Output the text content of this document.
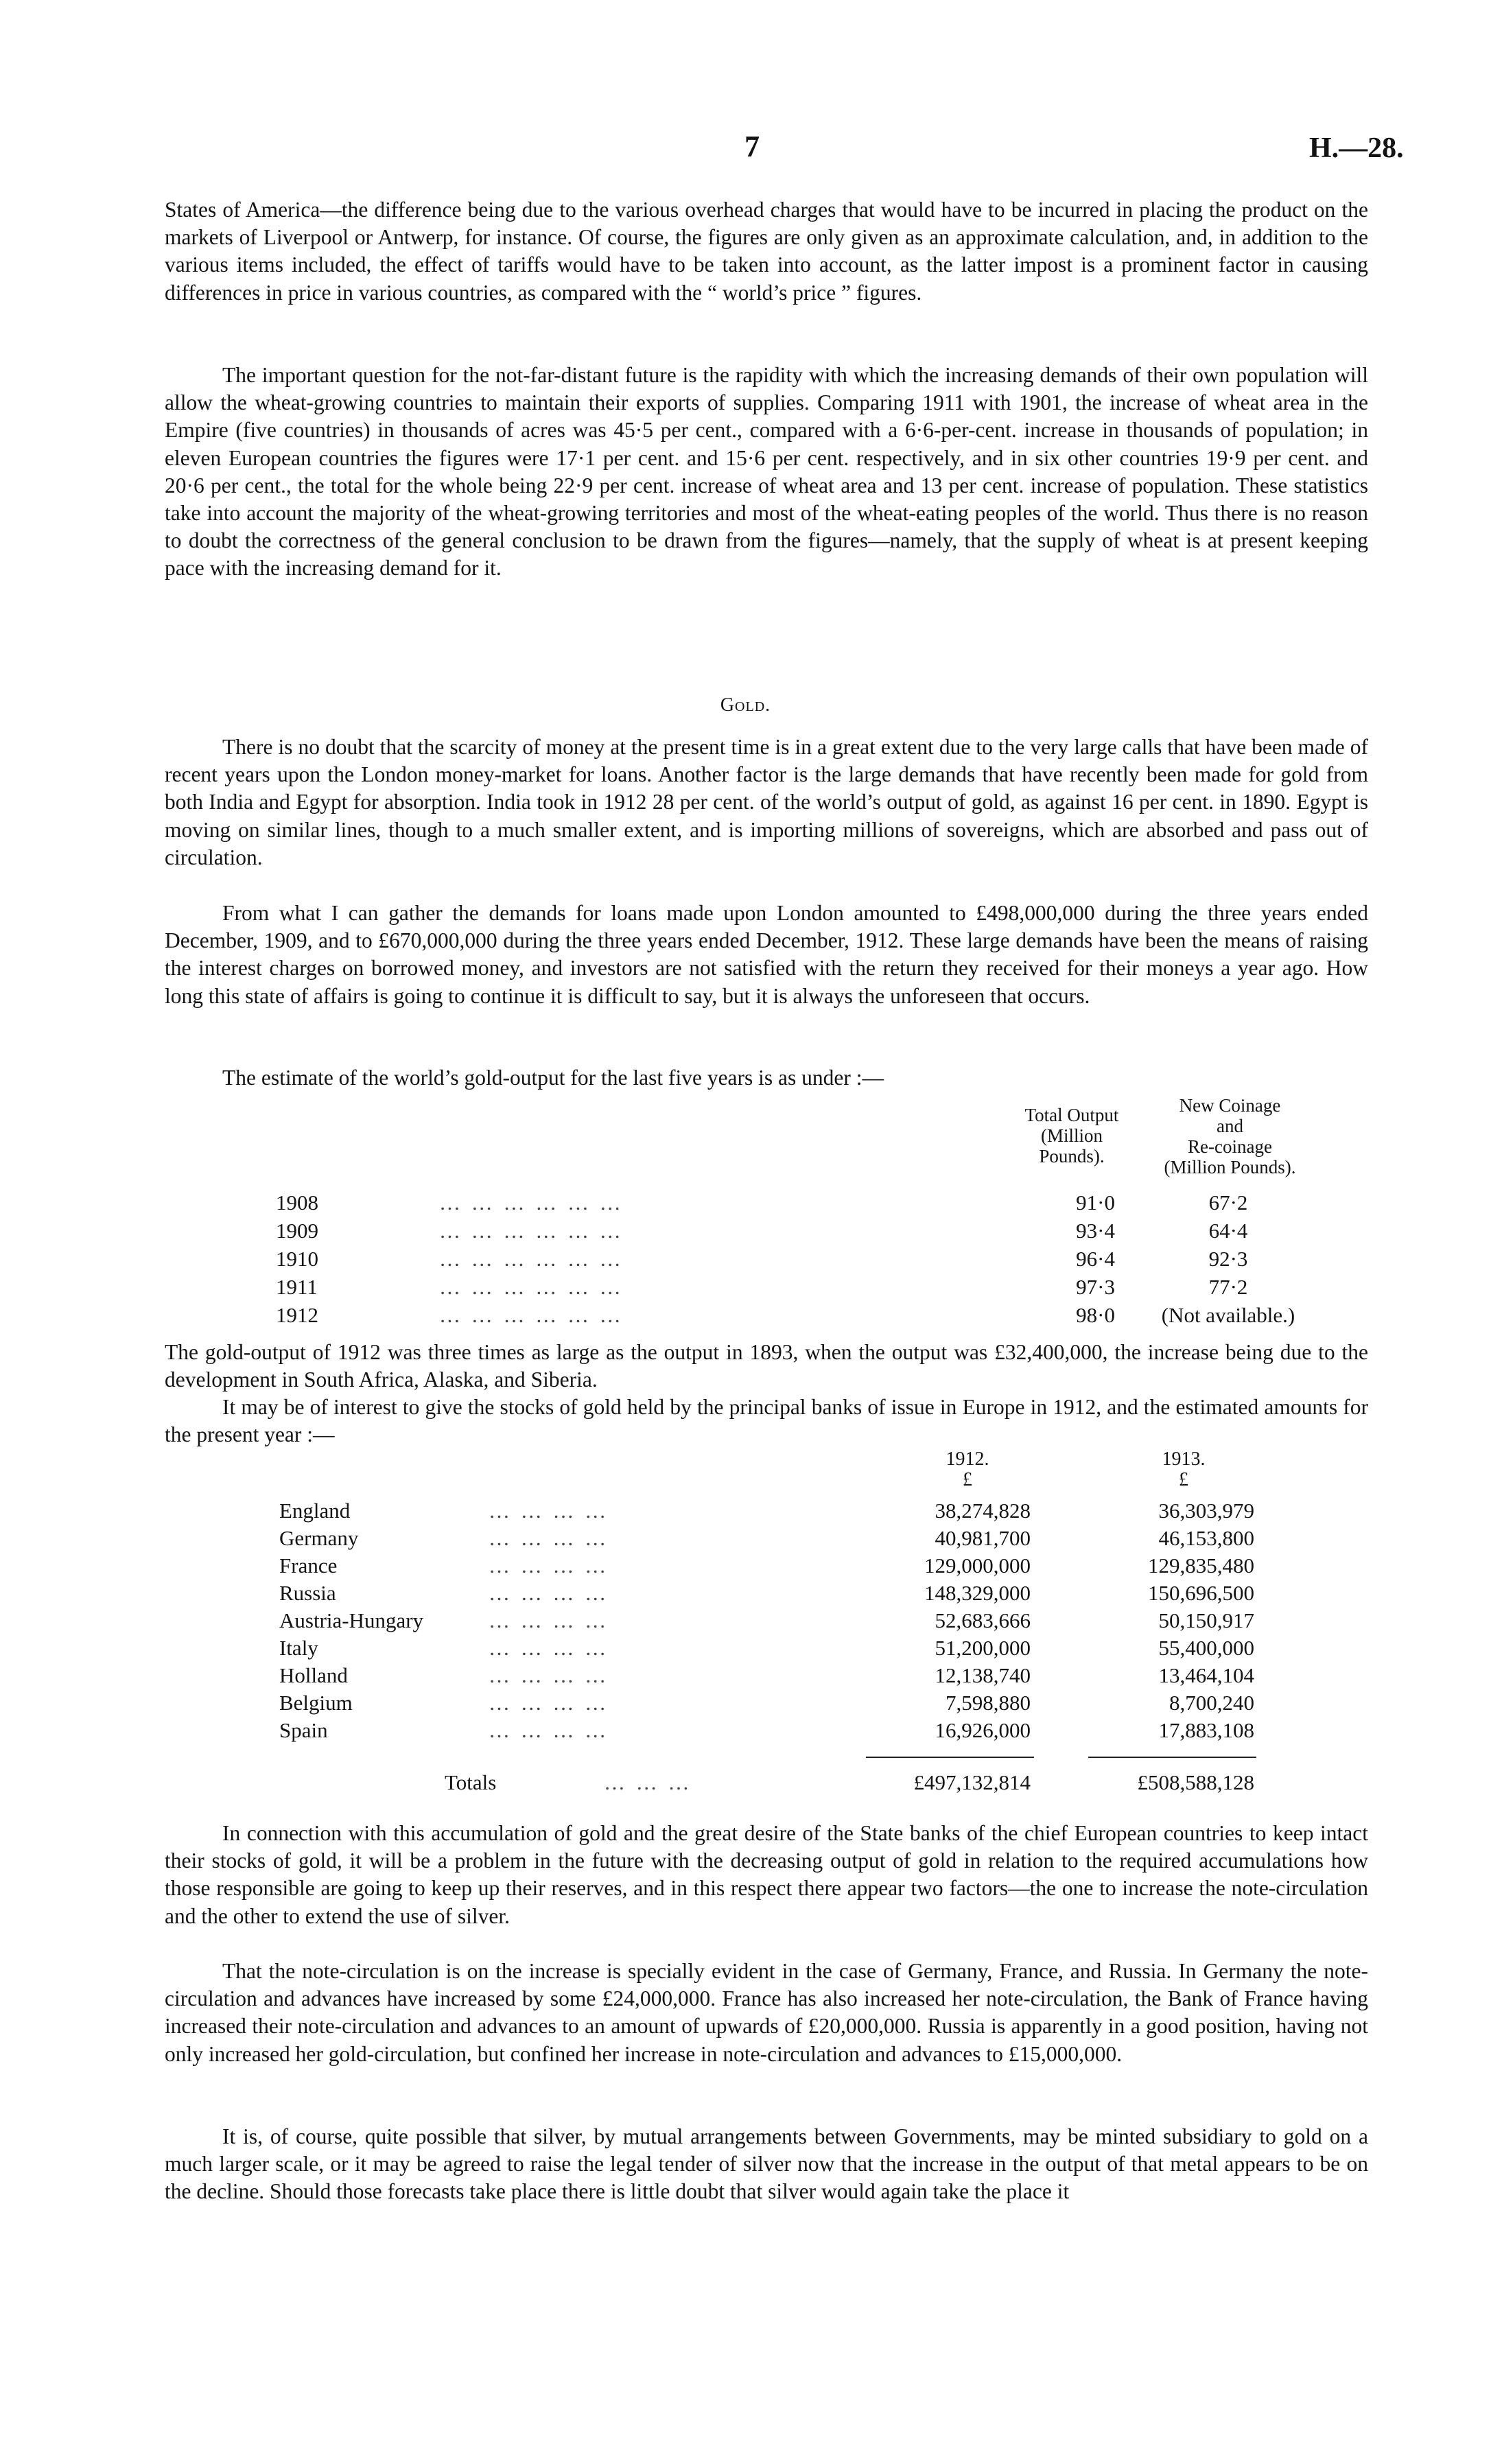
7	H.—28.

States of America—the difference being due to the various overhead charges that would have to be incurred in placing the product on the markets of Liverpool or Antwerp, for instance. Of course, the figures are only given as an approximate calculation, and, in addition to the various items included, the effect of tariffs would have to be taken into account, as the latter impost is a prominent factor in causing differences in price in various countries, as compared with the “ world’s price ” figures.

The important question for the not-far-distant future is the rapidity with which the increasing demands of their own population will allow the wheat-growing countries to maintain their exports of supplies. Comparing 1911 with 1901, the increase of wheat area in the Empire (five countries) in thousands of acres was 45·5 per cent., compared with a 6·6-per-cent. increase in thousands of population; in eleven European countries the figures were 17·1 per cent. and 15·6 per cent. respectively, and in six other countries 19·9 per cent. and 20·6 per cent., the total for the whole being 22·9 per cent. increase of wheat area and 13 per cent. increase of population. These statistics take into account the majority of the wheat-growing territories and most of the wheat-eating peoples of the world. Thus there is no reason to doubt the correctness of the general conclusion to be drawn from the figures—namely, that the supply of wheat is at present keeping pace with the increasing demand for it.

Gold.

There is no doubt that the scarcity of money at the present time is in a great extent due to the very large calls that have been made of recent years upon the London money-market for loans. Another factor is the large demands that have recently been made for gold from both India and Egypt for absorption. India took in 1912 28 per cent. of the world’s output of gold, as against 16 per cent. in 1890. Egypt is moving on similar lines, though to a much smaller extent, and is importing millions of sovereigns, which are absorbed and pass out of circulation.

From what I can gather the demands for loans made upon London amounted to £498,000,000 during the three years ended December, 1909, and to £670,000,000 during the three years ended December, 1912. These large demands have been the means of raising the interest charges on borrowed money, and investors are not satisfied with the return they received for their moneys a year ago. How long this state of affairs is going to continue it is difficult to say, but it is always the unforeseen that occurs.

The estimate of the world’s gold-output for the last five years is as under :—

Total Output
(Million
Pounds).
New Coinage
and
Re-coinage
(Million Pounds).
1908	… … … … … …	91·0	67·2
1909	… … … … … …	93·4	64·4
1910	… … … … … …	96·4	92·3
1911	… … … … … …	97·3	77·2
1912	… … … … … …	98·0	(Not available.)

The gold-output of 1912 was three times as large as the output in 1893, when the output was £32,400,000, the increase being due to the development in South Africa, Alaska, and Siberia.

It may be of interest to give the stocks of gold held by the principal banks of issue in Europe in 1912, and the estimated amounts for the present year :—

1912.
£
1913.
£
England	… … … …	38,274,828	36,303,979
Germany	… … … …	40,981,700	46,153,800
France	… … … …	129,000,000	129,835,480
Russia	… … … …	148,329,000	150,696,500
Austria-Hungary	… … … …	52,683,666	50,150,917
Italy	… … … …	51,200,000	55,400,000
Holland	… … … …	12,138,740	13,464,104
Belgium	… … … …	7,598,880	8,700,240
Spain	… … … …	16,926,000	17,883,108
Totals	… … …	£497,132,814	£508,588,128

In connection with this accumulation of gold and the great desire of the State banks of the chief European countries to keep intact their stocks of gold, it will be a problem in the future with the decreasing output of gold in relation to the required accumulations how those responsible are going to keep up their reserves, and in this respect there appear two factors—the one to increase the note-circulation and the other to extend the use of silver.

That the note-circulation is on the increase is specially evident in the case of Germany, France, and Russia. In Germany the note-circulation and advances have increased by some £24,000,000. France has also increased her note-circulation, the Bank of France having increased their note-circulation and advances to an amount of upwards of £20,000,000. Russia is apparently in a good position, having not only increased her gold-circulation, but confined her increase in note-circulation and advances to £15,000,000.

It is, of course, quite possible that silver, by mutual arrangements between Governments, may be minted subsidiary to gold on a much larger scale, or it may be agreed to raise the legal tender of silver now that the increase in the output of that metal appears to be on the decline. Should those forecasts take place there is little doubt that silver would again take the place it
